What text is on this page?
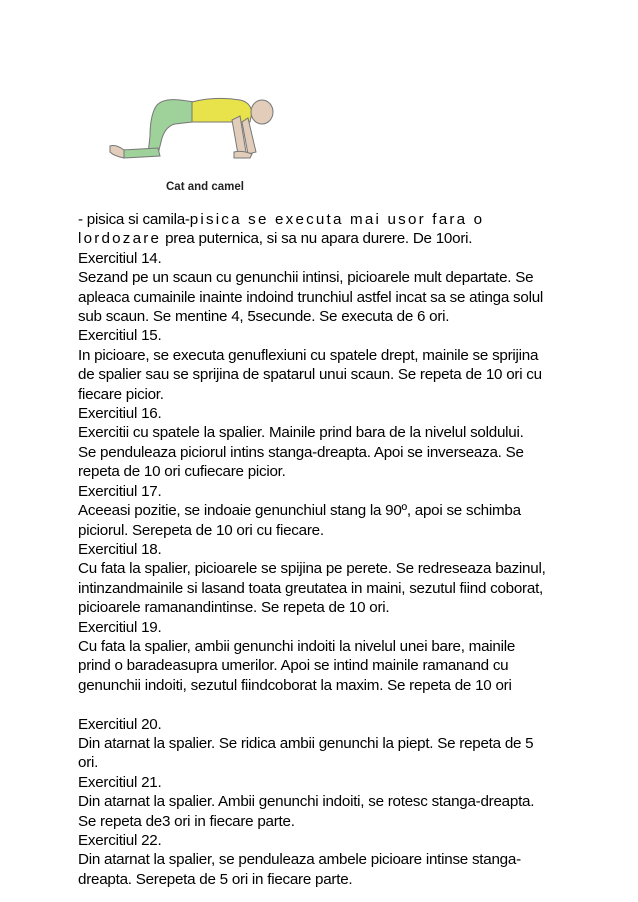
Cat and camel
- pisica si camila-pisica se executa mai usor fara o
lordozare prea puternica, si sa nu apara durere. De 10ori.
Exercitiul 14.
Sezand pe un scaun cu genunchii intinsi, picioarele mult departate. Se
apleaca cumainile inainte indoind trunchiul astfel incat sa se atinga solul
sub scaun. Se mentine 4, 5secunde. Se executa de 6 ori.
Exercitiul 15.
In picioare, se executa genuflexiuni cu spatele drept, mainile se sprijina
de spalier sau se sprijina de spatarul unui scaun. Se repeta de 10 ori cu
fiecare picior.
Exercitiul 16.
Exercitii cu spatele la spalier. Mainile prind bara de la nivelul soldului.
Se penduleaza piciorul intins stanga-dreapta. Apoi se inverseaza. Se
repeta de 10 ori cufiecare picior.
Exercitiul 17.
Aceeasi pozitie, se indoaie genunchiul stang la 90º, apoi se schimba
piciorul. Serepeta de 10 ori cu fiecare.
Exercitiul 18.
Cu fata la spalier, picioarele se spijina pe perete. Se redreseaza bazinul,
intinzandmainile si lasand toata greutatea in maini, sezutul fiind coborat,
picioarele ramanandintinse. Se repeta de 10 ori.
Exercitiul 19.
Cu fata la spalier, ambii genunchi indoiti la nivelul unei bare, mainile
prind o baradeasupra umerilor. Apoi se intind mainile ramanand cu
genunchii indoiti, sezutul fiindcoborat la maxim. Se repeta de 10 ori
Exercitiul 20.
Din atarnat la spalier. Se ridica ambii genunchi la piept. Se repeta de 5
ori.
Exercitiul 21.
Din atarnat la spalier. Ambii genunchi indoiti, se rotesc stanga-dreapta.
Se repeta de3 ori in fiecare parte.
Exercitiul 22.
Din atarnat la spalier, se penduleaza ambele picioare intinse stanga-
dreapta. Serepeta de 5 ori in fiecare parte.
